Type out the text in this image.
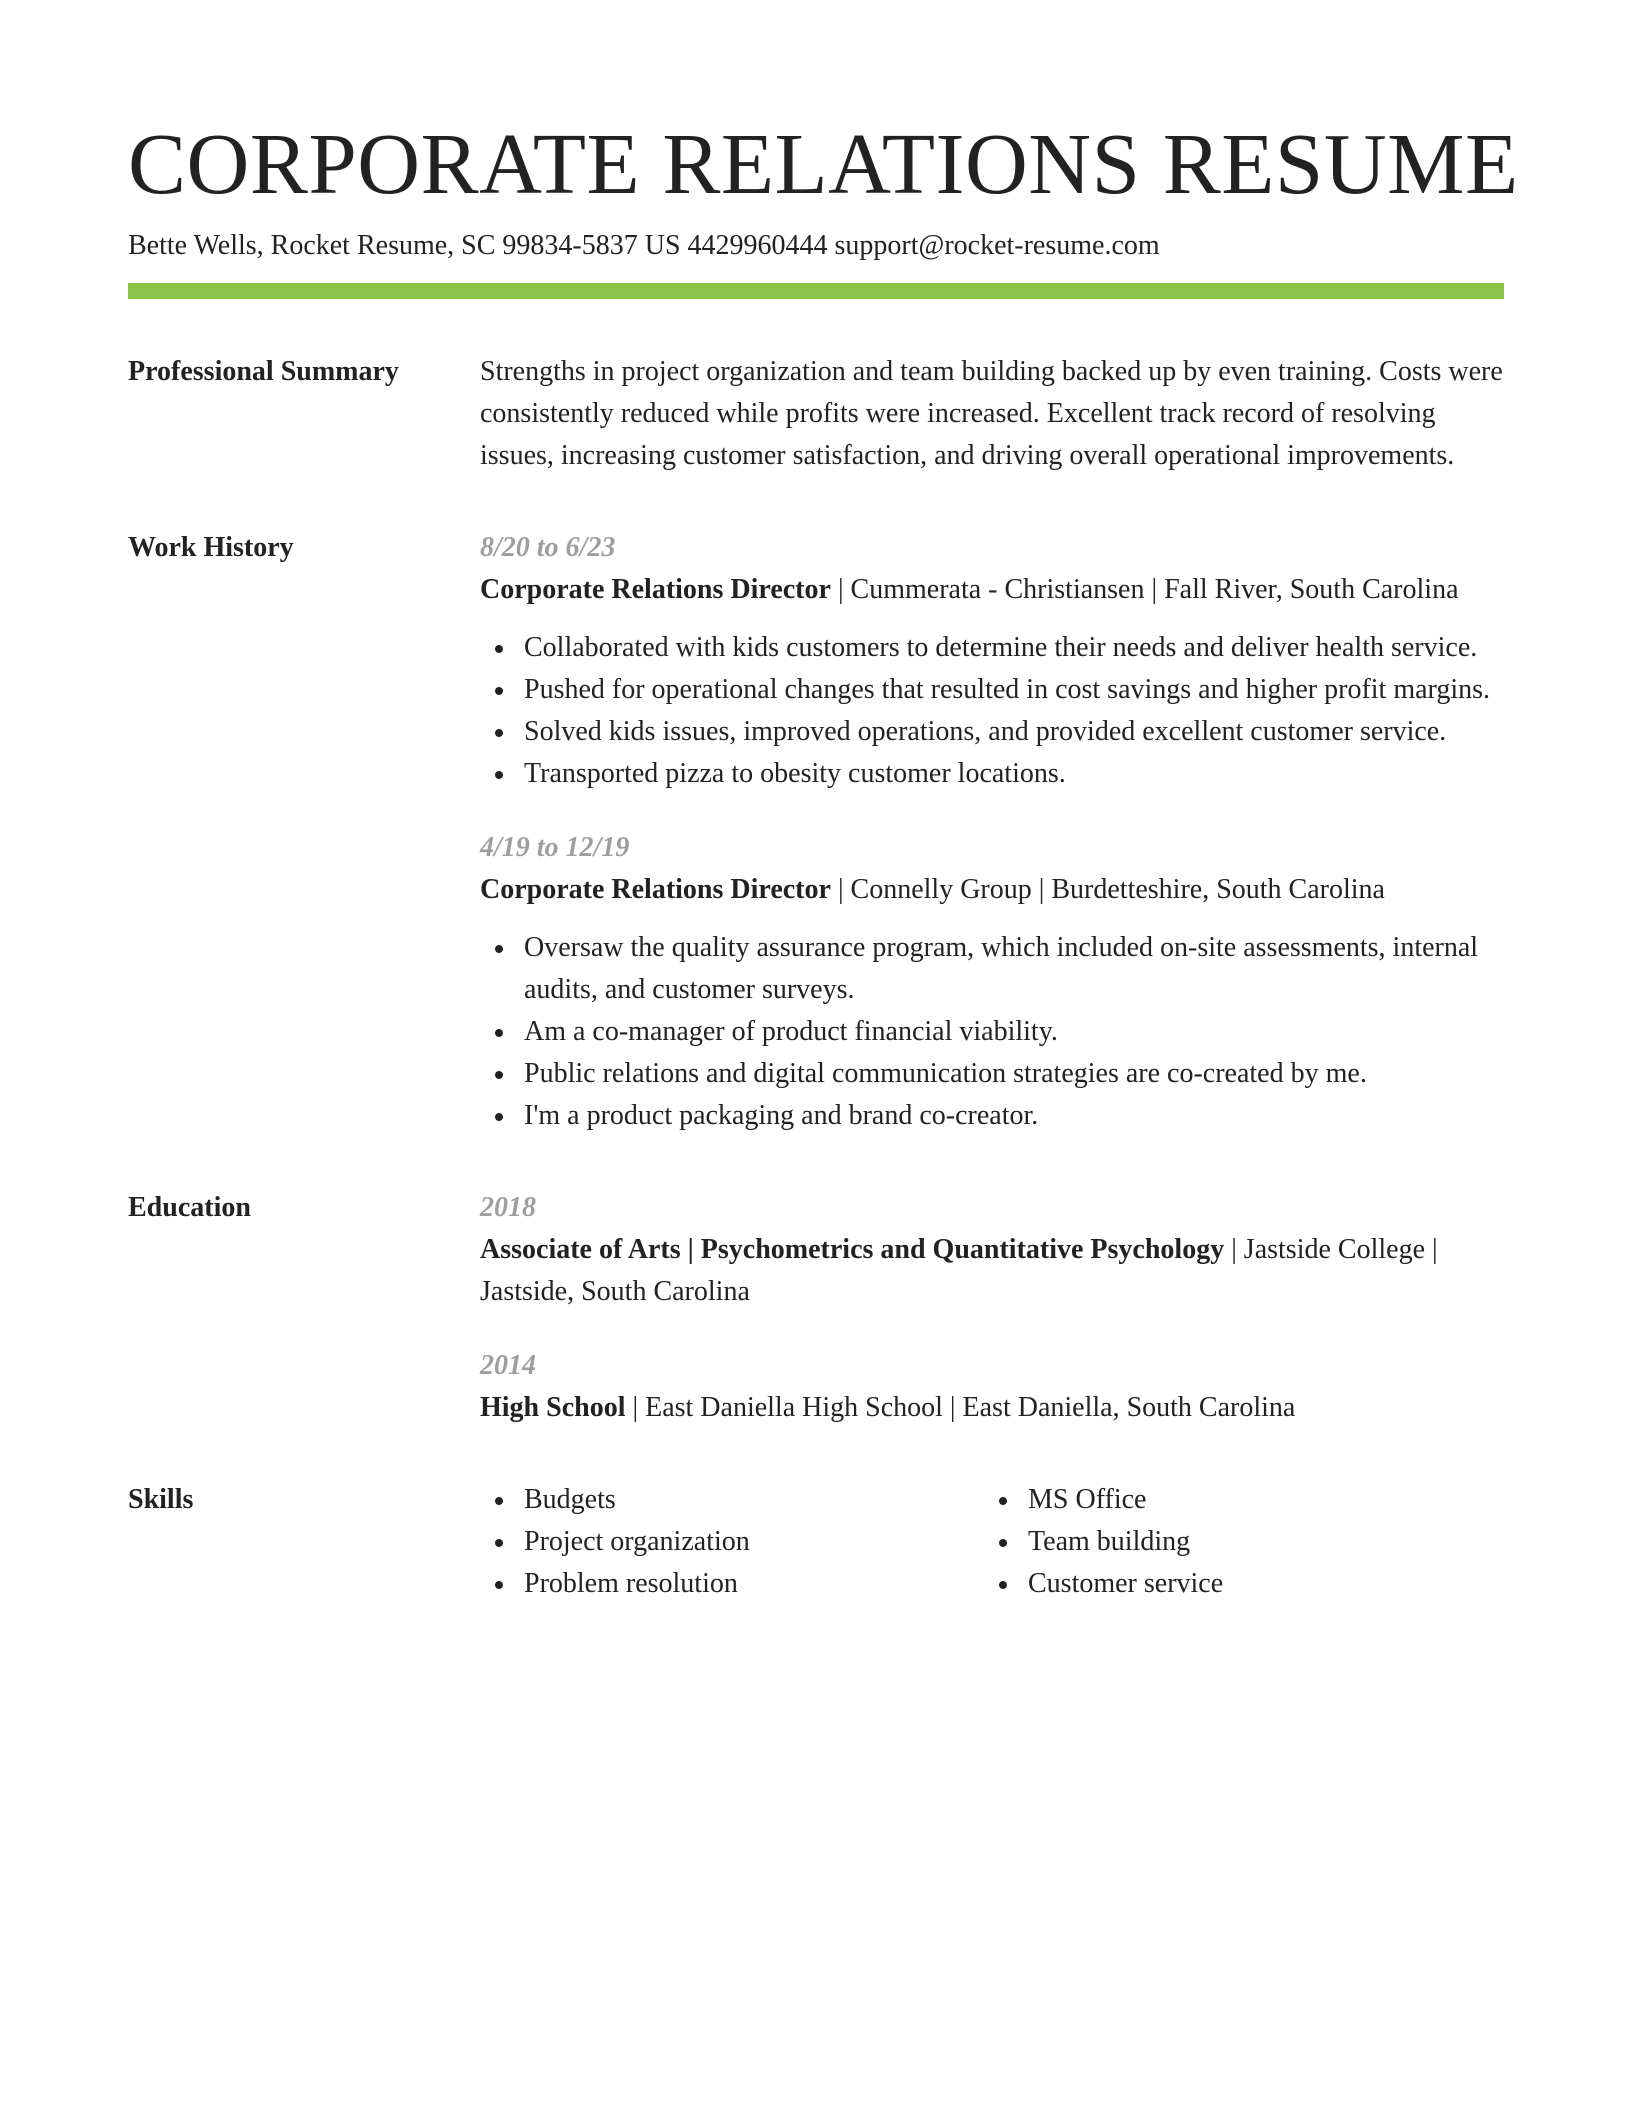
CORPORATE RELATIONS RESUME
Bette Wells, Rocket Resume, SC 99834-5837 US 4429960444 support@rocket-resume.com
Professional Summary	Strengths in project organization and team building backed up by even training. Costs were consistently reduced while profits were increased. Excellent track record of resolving issues, increasing customer satisfaction, and driving overall operational improvements.

Work History	8/20 to 6/23
Corporate Relations Director | Cummerata - Christiansen | Fall River, South Carolina
Collaborated with kids customers to determine their needs and deliver health service.
Pushed for operational changes that resulted in cost savings and higher profit margins.
Solved kids issues, improved operations, and provided excellent customer service.
Transported pizza to obesity customer locations.
4/19 to 12/19
Corporate Relations Director | Connelly Group | Burdetteshire, South Carolina
Oversaw the quality assurance program, which included on-site assessments, internal audits, and customer surveys.
Am a co-manager of product financial viability.
Public relations and digital communication strategies are co-created by me.
I'm a product packaging and brand co-creator.
Education	2018
Associate of Arts | Psychometrics and Quantitative Psychology | Jastside College | Jastside, South Carolina
2014
High School | East Daniella High School | East Daniella, South Carolina
Skills	Budgets
Project organization
Problem resolution
MS Office
Team building
Customer service
